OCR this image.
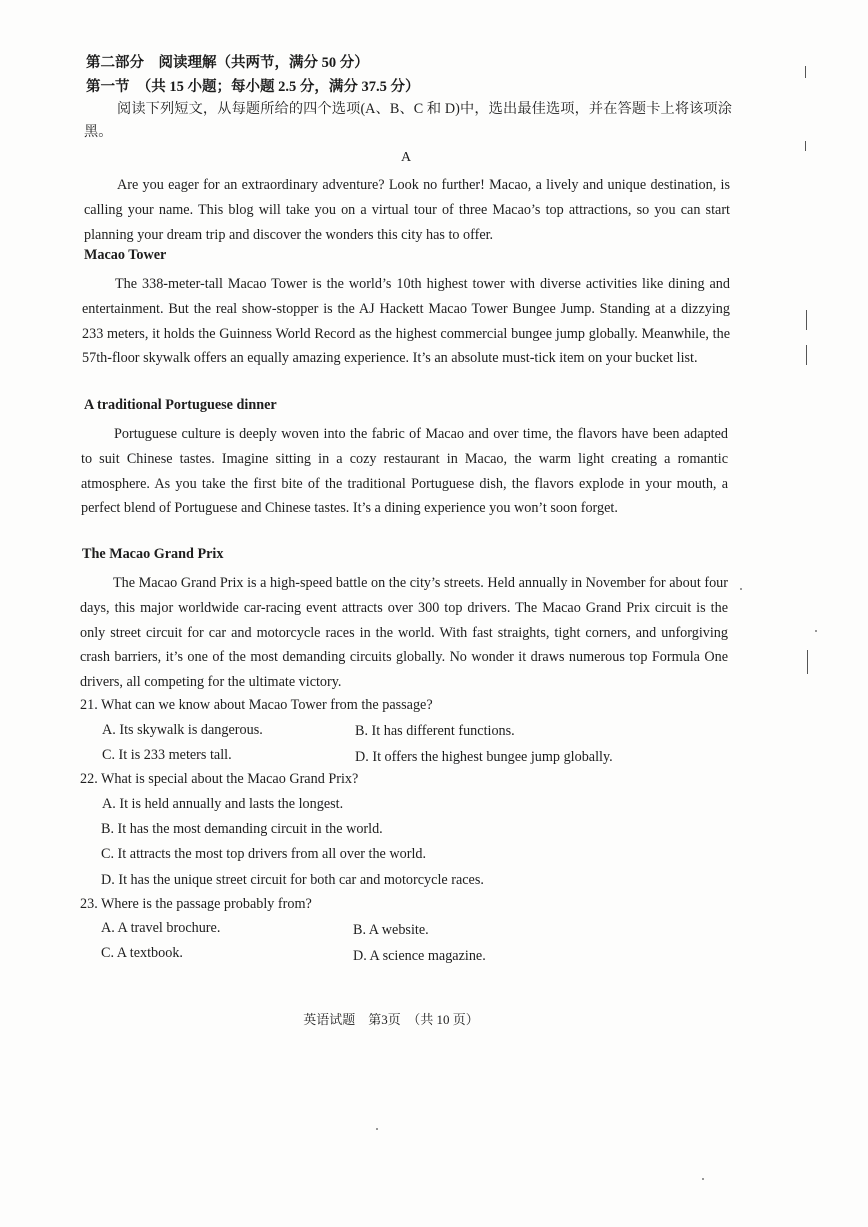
第二部分　阅读理解（共两节，满分 50 分）
第一节　（共 15 小题；每小题 2.5 分，满分 37.5 分）
阅读下列短文，从每题所给的四个选项(A、B、C 和 D)中，选出最佳选项，并在答题卡上将该项涂黑。
A
Are you eager for an extraordinary adventure? Look no further! Macao, a lively and unique destination, is calling your name. This blog will take you on a virtual tour of three Macao’s top attractions, so you can start planning your dream trip and discover the wonders this city has to offer.
Macao Tower
The 338-meter-tall Macao Tower is the world’s 10th highest tower with diverse activities like dining and entertainment. But the real show-stopper is the AJ Hackett Macao Tower Bungee Jump. Standing at a dizzying 233 meters, it holds the Guinness World Record as the highest commercial bungee jump globally. Meanwhile, the 57th-floor skywalk offers an equally amazing experience. It’s an absolute must-tick item on your bucket list.
A traditional Portuguese dinner
Portuguese culture is deeply woven into the fabric of Macao and over time, the flavors have been adapted to suit Chinese tastes. Imagine sitting in a cozy restaurant in Macao, the warm light creating a romantic atmosphere. As you take the first bite of the traditional Portuguese dish, the flavors explode in your mouth, a perfect blend of Portuguese and Chinese tastes. It’s a dining experience you won’t soon forget.
The Macao Grand Prix
The Macao Grand Prix is a high-speed battle on the city’s streets. Held annually in November for about four days, this major worldwide car-racing event attracts over 300 top drivers. The Macao Grand Prix circuit is the only street circuit for car and motorcycle races in the world. With fast straights, tight corners, and unforgiving crash barriers, it’s one of the most demanding circuits globally. No wonder it draws numerous top Formula One drivers, all competing for the ultimate victory.
21. What can we know about Macao Tower from the passage?
A. Its skywalk is dangerous.	B. It has different functions.
C. It is 233 meters tall.	D. It offers the highest bungee jump globally.
22. What is special about the Macao Grand Prix?
A. It is held annually and lasts the longest.
B. It has the most demanding circuit in the world.
C. It attracts the most top drivers from all over the world.
D. It has the unique street circuit for both car and motorcycle races.
23. Where is the passage probably from?
A. A travel brochure.	B. A website.
C. A textbook.	D. A science magazine.
英语试题　第3页　（共 10 页）
